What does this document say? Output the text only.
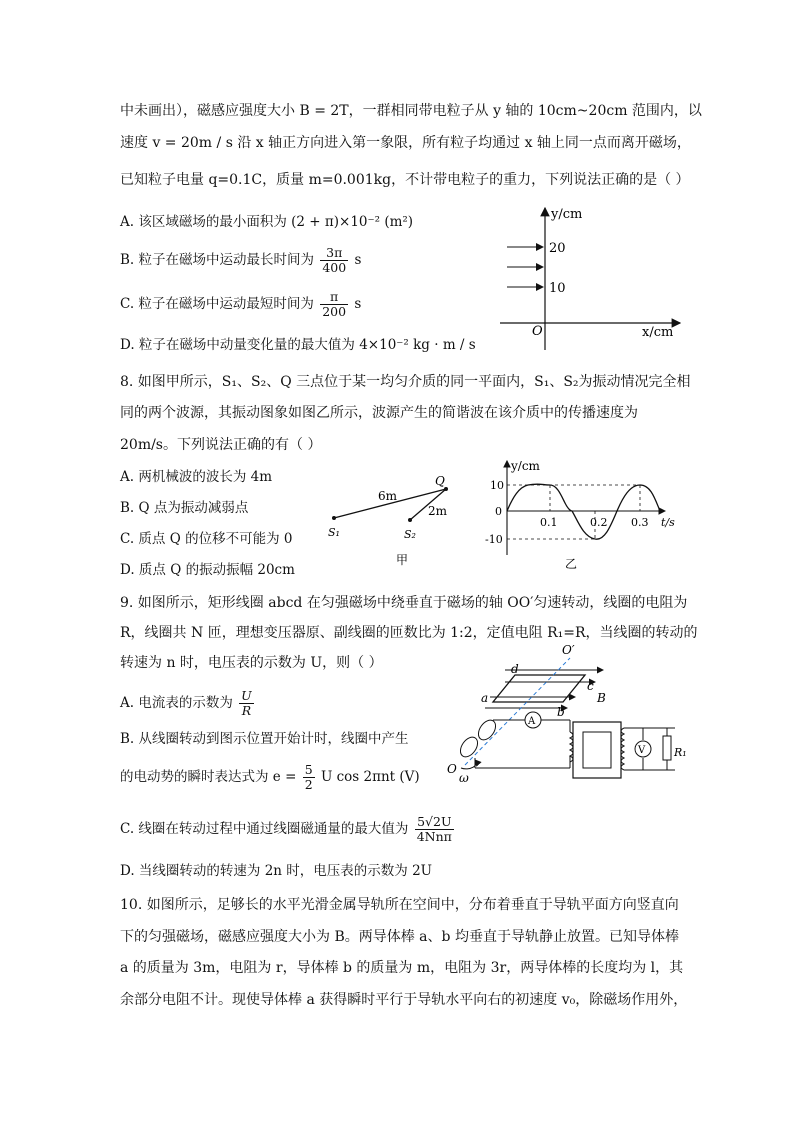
中未画出），磁感应强度大小 B = 2T，一群相同带电粒子从 y 轴的 10cm~20cm 范围内，以
速度 v = 20m / s 沿 x 轴正方向进入第一象限，所有粒子均通过 x 轴上同一点而离开磁场，
已知粒子电量 q=0.1C，质量 m=0.001kg，不计带电粒子的重力，下列说法正确的是（ ）
A. 该区域磁场的最小面积为 (2 + π)×10⁻² (m²)
B. 粒子在磁场中运动最长时间为 $\frac{3\pi}{400}$ s
C. 粒子在磁场中运动最短时间为 $\frac{\pi}{200}$ s
D. 粒子在磁场中动量变化量的最大值为 4×10⁻² kg · m / s
y/cm
x/cm
O
20
10
8. 如图甲所示，S₁、S₂、Q 三点位于某一均匀介质的同一平面内，S₁、S₂为振动情况完全相
同的两个波源，其振动图象如图乙所示，波源产生的简谐波在该介质中的传播速度为
20m/s。下列说法正确的有（ ）
A. 两机械波的波长为 4m
B. Q 点为振动减弱点
C. 质点 Q 的位移不可能为 0
D. 质点 Q 的振动振幅 20cm
Q
S₁	S₂
6m
2m
甲
y/cm
t/s
10
0
-10
0.1	0.2 0.3
乙
9. 如图所示，矩形线圈 abcd 在匀强磁场中绕垂直于磁场的轴 OO′匀速转动，线圈的电阻为
R，线圈共 N 匝，理想变压器原、副线圈的匝数比为 1:2，定值电阻 R₁=R，当线圈的转动的
转速为 n 时，电压表的示数为 U，则（ ）
A. 电流表的示数为 $\frac{U}{R}$
B. 从线圈转动到图示位置开始计时，线圈中产生
的电动势的瞬时表达式为 $e = \frac{5}{2}$ U cos 2πnt (V)
C. 线圈在转动过程中通过线圈磁通量的最大值为 $\frac{5√2U}{\text{4Nnπ}}$
D. 当线圈转动的转速为 2n 时，电压表的示数为 2U
A
V
O′
O
ω
a
b
c
d
B
R₁
10. 如图所示，足够长的水平光滑金属导轨所在空间中，分布着垂直于导轨平面方向竖直向
下的匀强磁场，磁感应强度大小为 B。两导体棒 a、b 均垂直于导轨静止放置。已知导体棒
a 的质量为 3m，电阻为 r，导体棒 b 的质量为 m，电阻为 3r，两导体棒的长度均为 l，其
余部分电阻不计。现使导体棒 a 获得瞬时平行于导轨水平向右的初速度 v₀，除磁场作用外，
